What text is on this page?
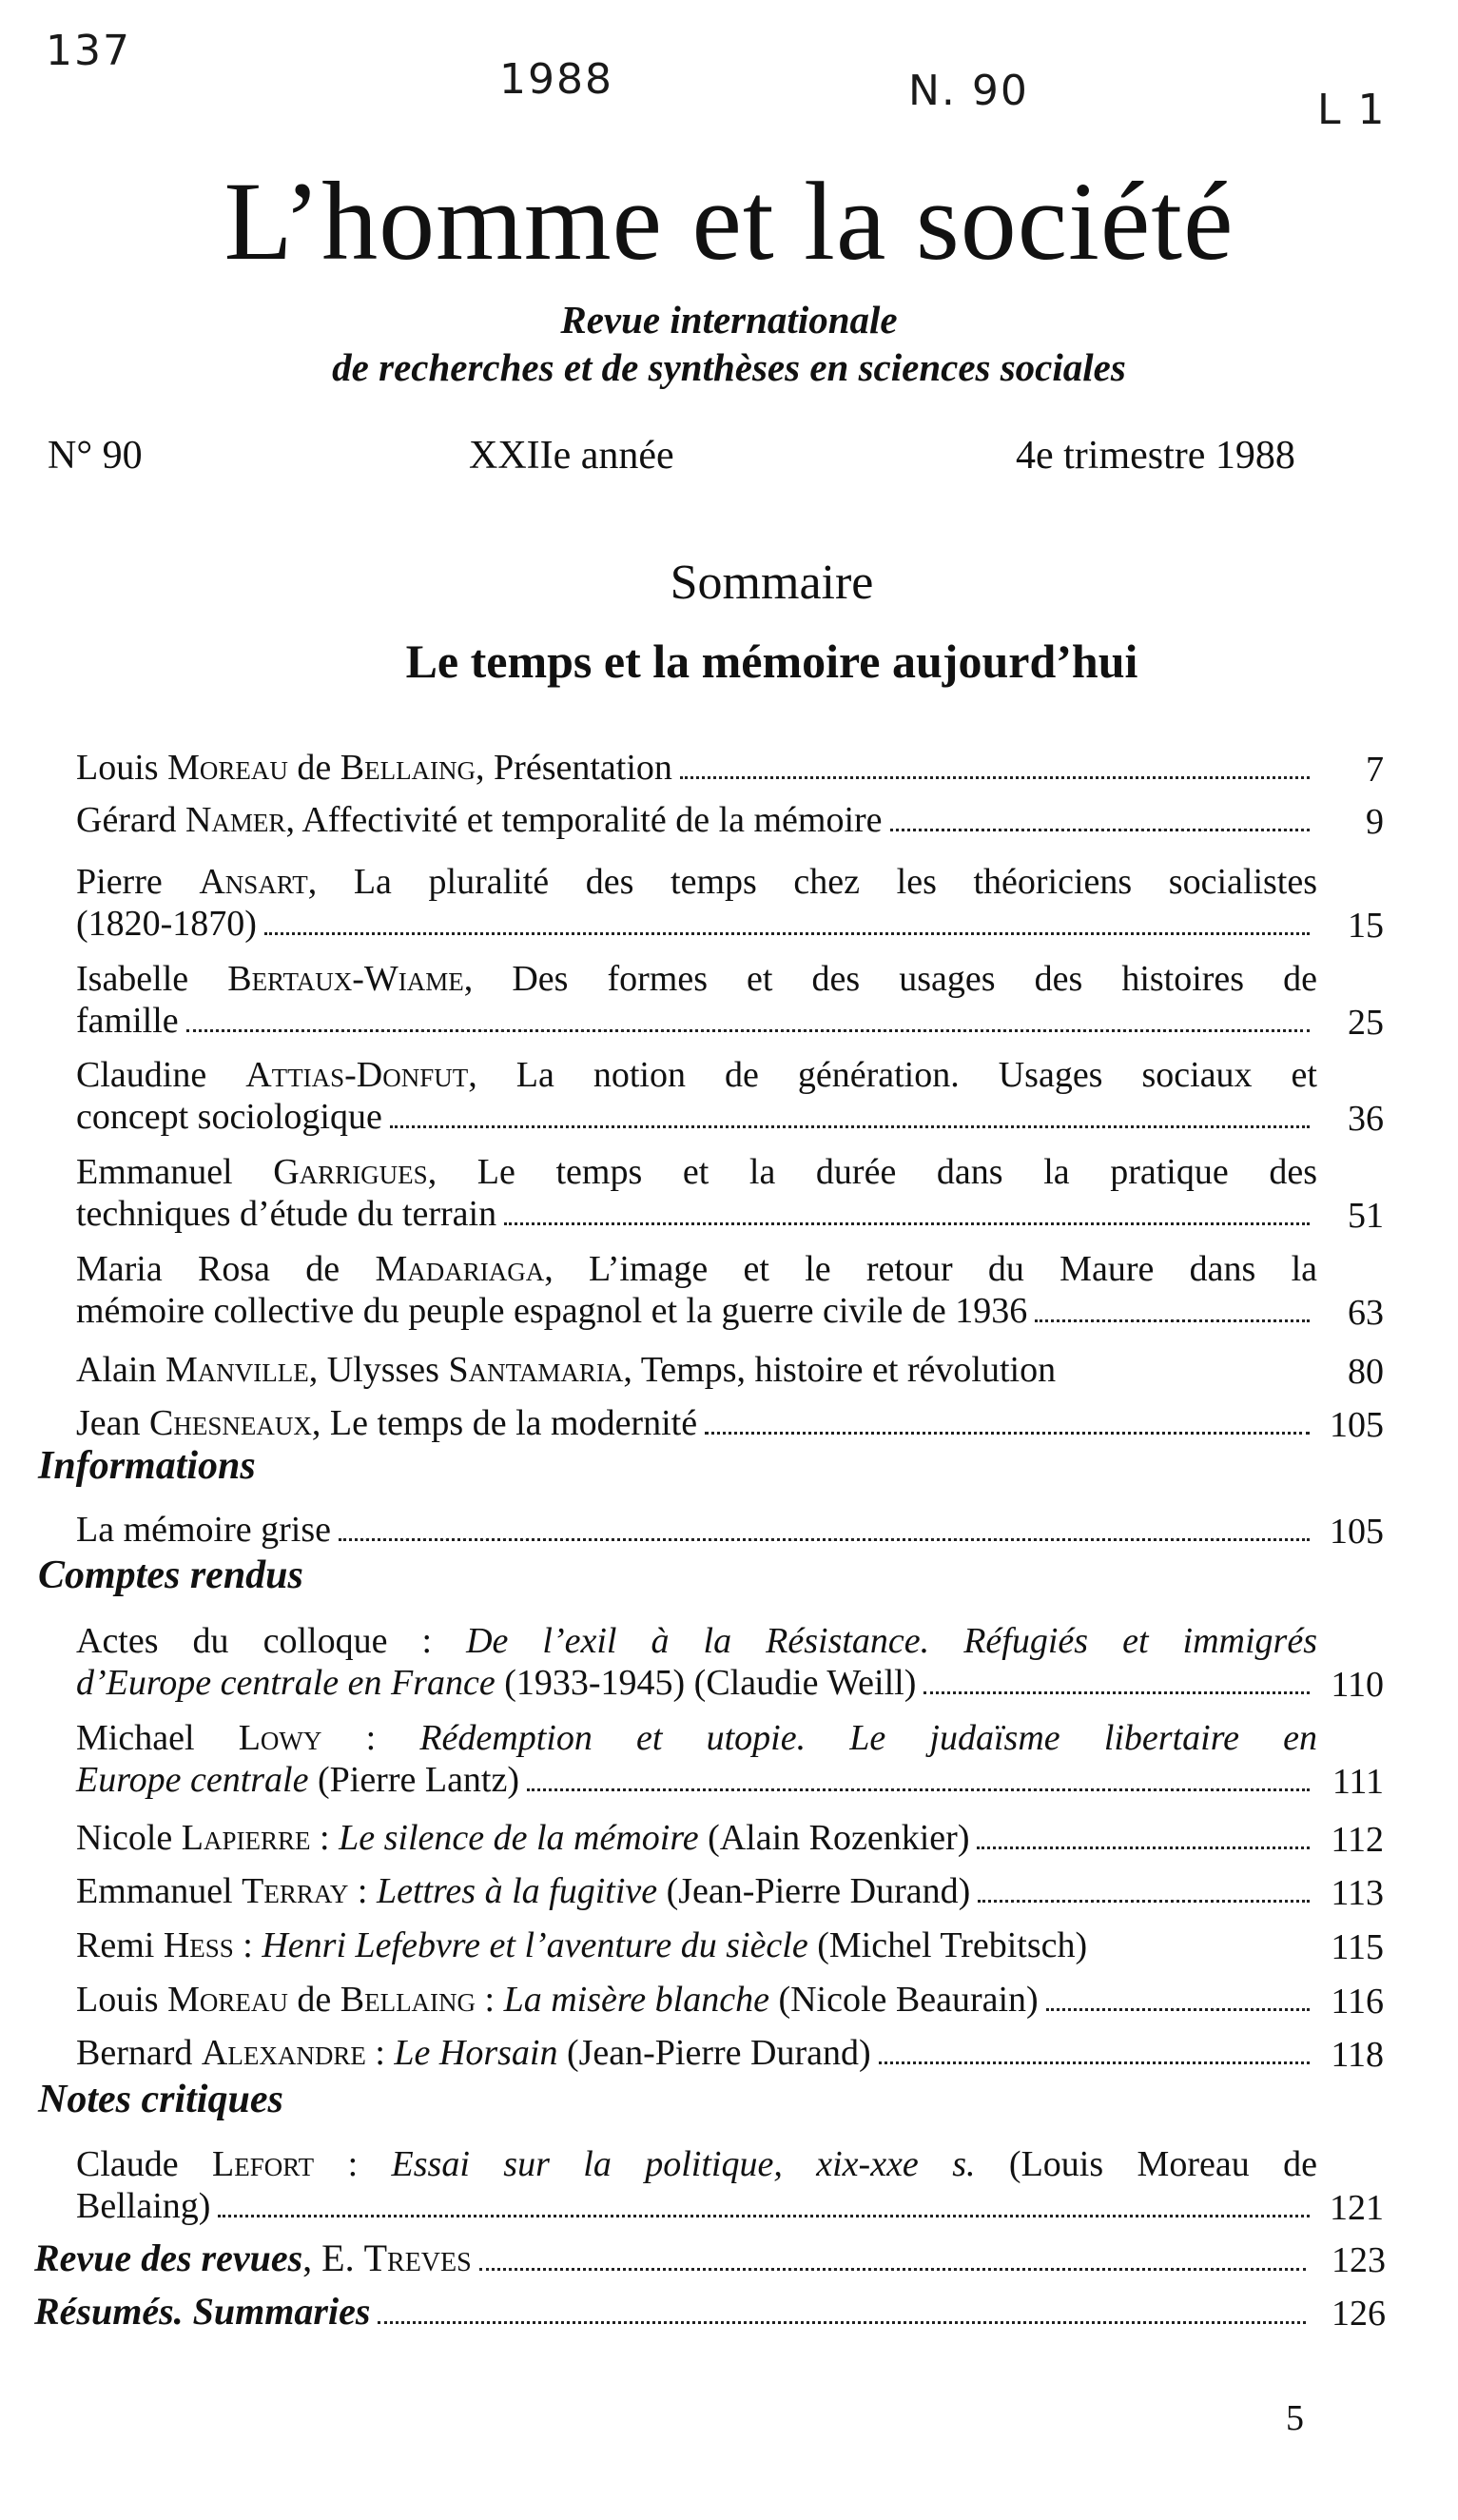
137
1988	N. 90	L 1
L’homme et la société
Revue internationale
de recherches et de synthèses en sciences sociales
N° 90	XXIIe année	4e trimestre 1988
Sommaire
Le temps et la mémoire aujourd’hui
Louis Moreau de Bellaing, Présentation	7
Gérard Namer, Affectivité et temporalité de la mémoire	9
Pierre Ansart, La pluralité des temps chez les théoriciens socialistes
(1820-1870)	15
Isabelle Bertaux-Wiame, Des formes et des usages des histoires de
famille	25
Claudine Attias-Donfut, La notion de génération. Usages sociaux et
concept sociologique	36
Emmanuel Garrigues, Le temps et la durée dans la pratique des
techniques d’étude du terrain	51
Maria Rosa de Madariaga, L’image et le retour du Maure dans la
mémoire collective du peuple espagnol et la guerre civile de 1936	63
Alain Manville, Ulysses Santamaria, Temps, histoire et révolution	80
Jean Chesneaux, Le temps de la modernité	105
Informations
La mémoire grise	105
Comptes rendus
Actes du colloque : De l’exil à la Résistance. Réfugiés et immigrés
d’Europe centrale en France (1933-1945) (Claudie Weill)	110
Michael Lowy : Rédemption et utopie. Le judaïsme libertaire en
Europe centrale (Pierre Lantz)	111
Nicole Lapierre : Le silence de la mémoire (Alain Rozenkier)	112
Emmanuel Terray : Lettres à la fugitive (Jean-Pierre Durand)	113
Remi Hess : Henri Lefebvre et l’aventure du siècle (Michel Trebitsch)	115
Louis Moreau de Bellaing : La misère blanche (Nicole Beaurain)	116
Bernard Alexandre : Le Horsain (Jean-Pierre Durand)	118
Notes critiques
Claude Lefort : Essai sur la politique, xix-xxe s. (Louis Moreau de
Bellaing)	121
Revue des revues, E. Treves	123
Résumés. Summaries	126
5
